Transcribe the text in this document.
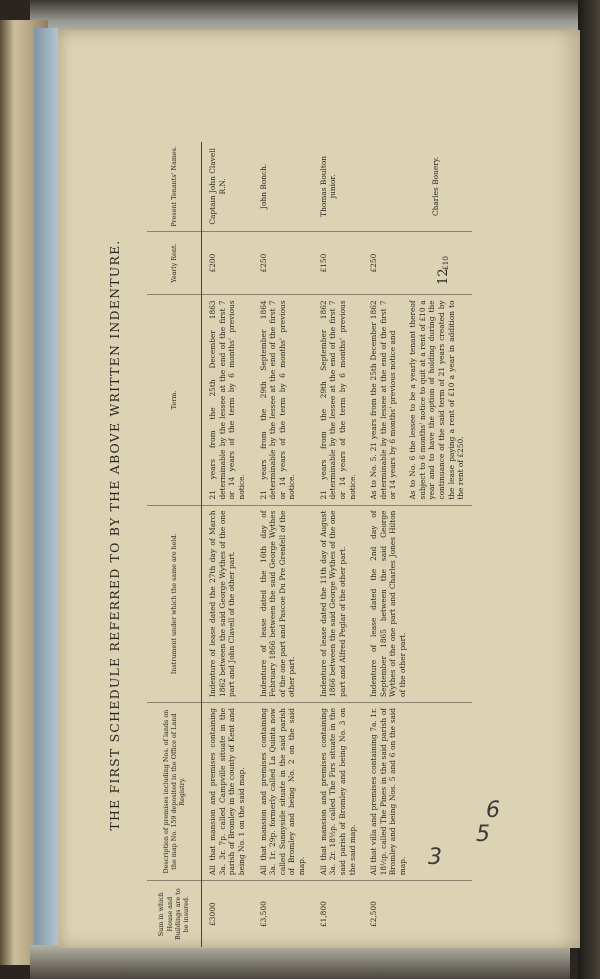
12
THE FIRST SCHEDULE REFERRED TO BY THE ABOVE WRITTEN INDENTURE.
Sum in which House and Buildings are to be insured.	Description of premises including Nos. of lands on the map No. 159 deposited in the Office of Land Registry.	Instrument under which the same are held.	Term.	Yearly Rent.	Present Tenants' Names.
£3000	All that mansion and premises containing 3a. 3r. 7p. called Campville situate in the parish of Bromley in the county of Kent and being No. 1 on the said map.	Indenture of lease dated the 27th day of March 1862 between the said George Wythes of the one part and John Clavell of the other part.	21 years from the 25th December 1863 determinable by the lessee at the end of the first 7 or 14 years of the term by 6 months' previous notice.	£200	Captain John Clavell R.N.
£3,500	All that mansion and premises containing 3a. 1r. 29p. formerly called La Quinta now called Sunnyside situate in the said parish of Bromley and being No. 2 on the said map.	Indenture of lease dated the 16th day of February 1866 between the said George Wythes of the one part and Pascoe Du Pre Grenfell of the other part.	21 years from the 29th September 1864 determinable by the lessee at the end of the first 7 or 14 years of the term by 6 months' previous notice.	£250	John Bonch.
£1,800	All that mansion and premises containing 3a. 2r. 18½p. called The Firs situate in the said parish of Bromley and being No. 3 on the said map.	Indenture of lease dated the 11th day of August 1866 between the said George Wythes of the one part and Alfred Peglar of the other part.	21 years from the 29th September 1862 determinable by the lessee at the end of the first 7 or 14 years of the term by 6 months' previous notice.	£150	Thomas Boulton junior.
£2,500	All that villa and premises containing 7a. 1r. 18½p. called The Pines in the said parish of Bromley and being Nos. 5 and 6 on the said map.	Indenture of lease dated the 2nd day of September 1865 between the said George Wythes of the one part and Charles Jones Hilton of the other part.	As to No. 5. 21 years from the 25th December 1862 determinable by the lessee at the end of the first 7 or 14 years by 6 months' previous notice and As to No. 6 the lessee to be a yearly tenant thereof subject to 6 months' notice to quit at a rent of £10 a year and to have the option of holding during the continuance of the said term of 21 years created by the lease paying a rent of £10 a year in addition to the rent of £250.	£250 £10	Charles Bouery.
3
5
6
